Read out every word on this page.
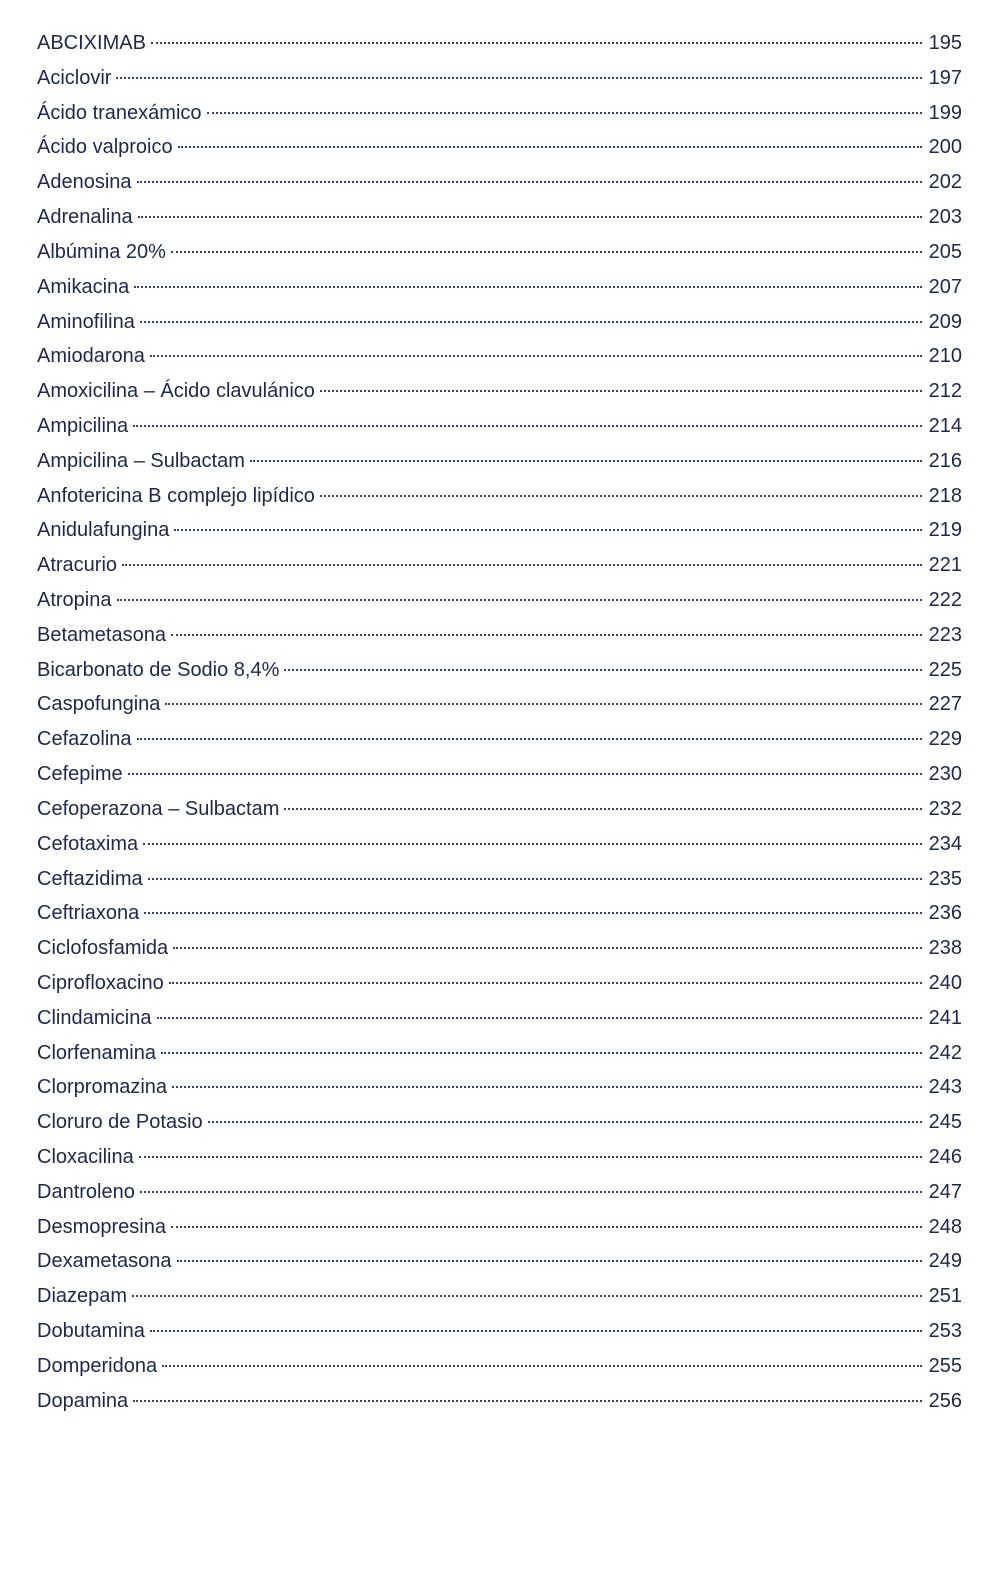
ABCIXIMAB	195
Aciclovir	197
Ácido tranexámico	199
Ácido valproico	200
Adenosina	202
Adrenalina	203
Albúmina 20%	205
Amikacina	207
Aminofilina	209
Amiodarona	210
Amoxicilina – Ácido clavulánico	212
Ampicilina	214
Ampicilina – Sulbactam	216
Anfotericina B complejo lipídico	218
Anidulafungina	219
Atracurio	221
Atropina	222
Betametasona	223
Bicarbonato de Sodio 8,4%	225
Caspofungina	227
Cefazolina	229
Cefepime	230
Cefoperazona – Sulbactam	232
Cefotaxima	234
Ceftazidima	235
Ceftriaxona	236
Ciclofosfamida	238
Ciprofloxacino	240
Clindamicina	241
Clorfenamina	242
Clorpromazina	243
Cloruro de Potasio	245
Cloxacilina	246
Dantroleno	247
Desmopresina	248
Dexametasona	249
Diazepam	251
Dobutamina	253
Domperidona	255
Dopamina	256
